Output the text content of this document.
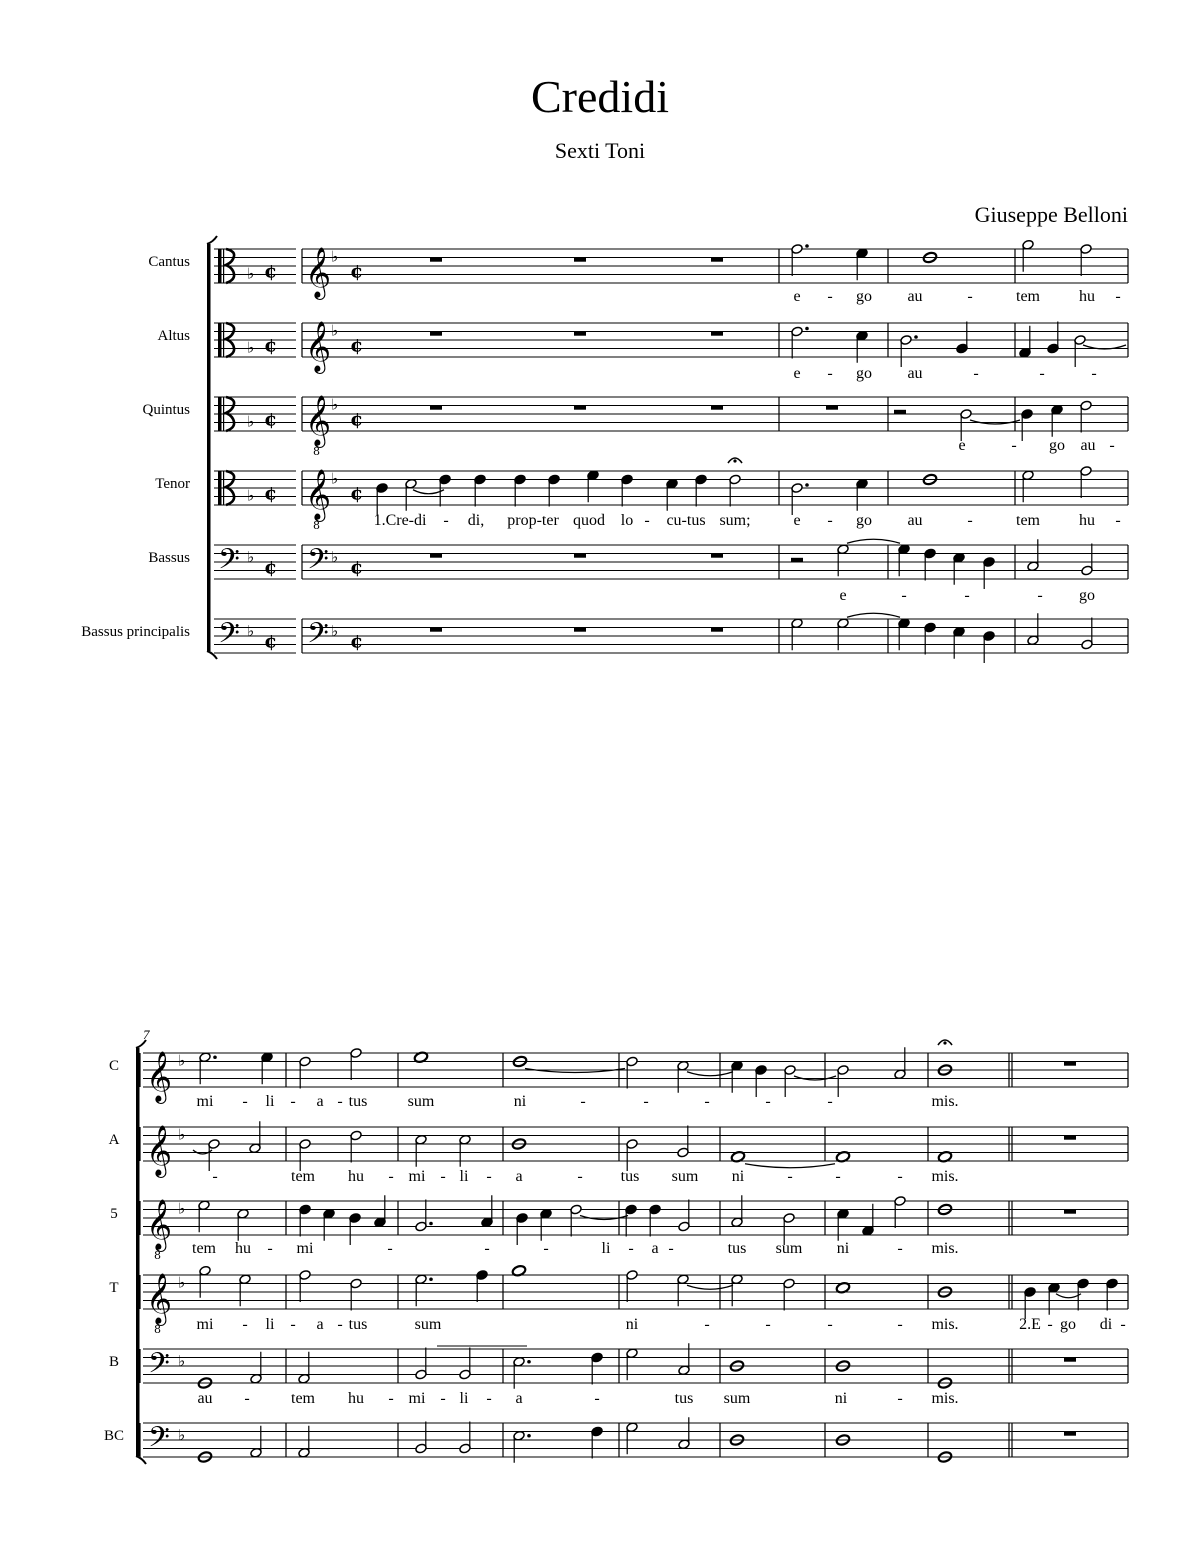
Credidi
Sexti Toni
Giuseppe Belloni
Cantus
Altus
Quintus
Tenor
Bassus
Bassus principalis
7
C
A
5
T
B
BC
e - go au	-	tem hu -
e - go au	-	-	-
e	- go au -
1.Cre-di - di, prop-ter quod lo - cu-tus sum;	e - go au	-	tem hu -
e	-	-	- go
mi - li - a - tus	sum	ni	-	-	-	-	-	mis.
-	tem hu - mi - li - a	- tus sum ni	-	-	- mis.
tem hu - mi	-	-	-	li - a -	tus sum ni	- mis.
mi - li - a - tus	sum	ni	-	-	-	- mis.	2.E - go di -
au -	tem hu - mi - li - a	-	tus sum	ni	- mis.
♭ ¢ 𝄞 ♭
¢
♭ ¢ 𝄞 ♭
¢
♭ ¢ 𝄞
8
♭
¢
♭ ¢ 𝄞
8
♭
¢
𝄢 ♭ ¢ 𝄢 ♭ ¢
𝄢 ♭ ¢ 𝄢 ♭ ¢
𝄞 ♭
𝄞 ♭
𝄞
8
♭
𝄞
8
♭
𝄢 ♭
𝄢 ♭
